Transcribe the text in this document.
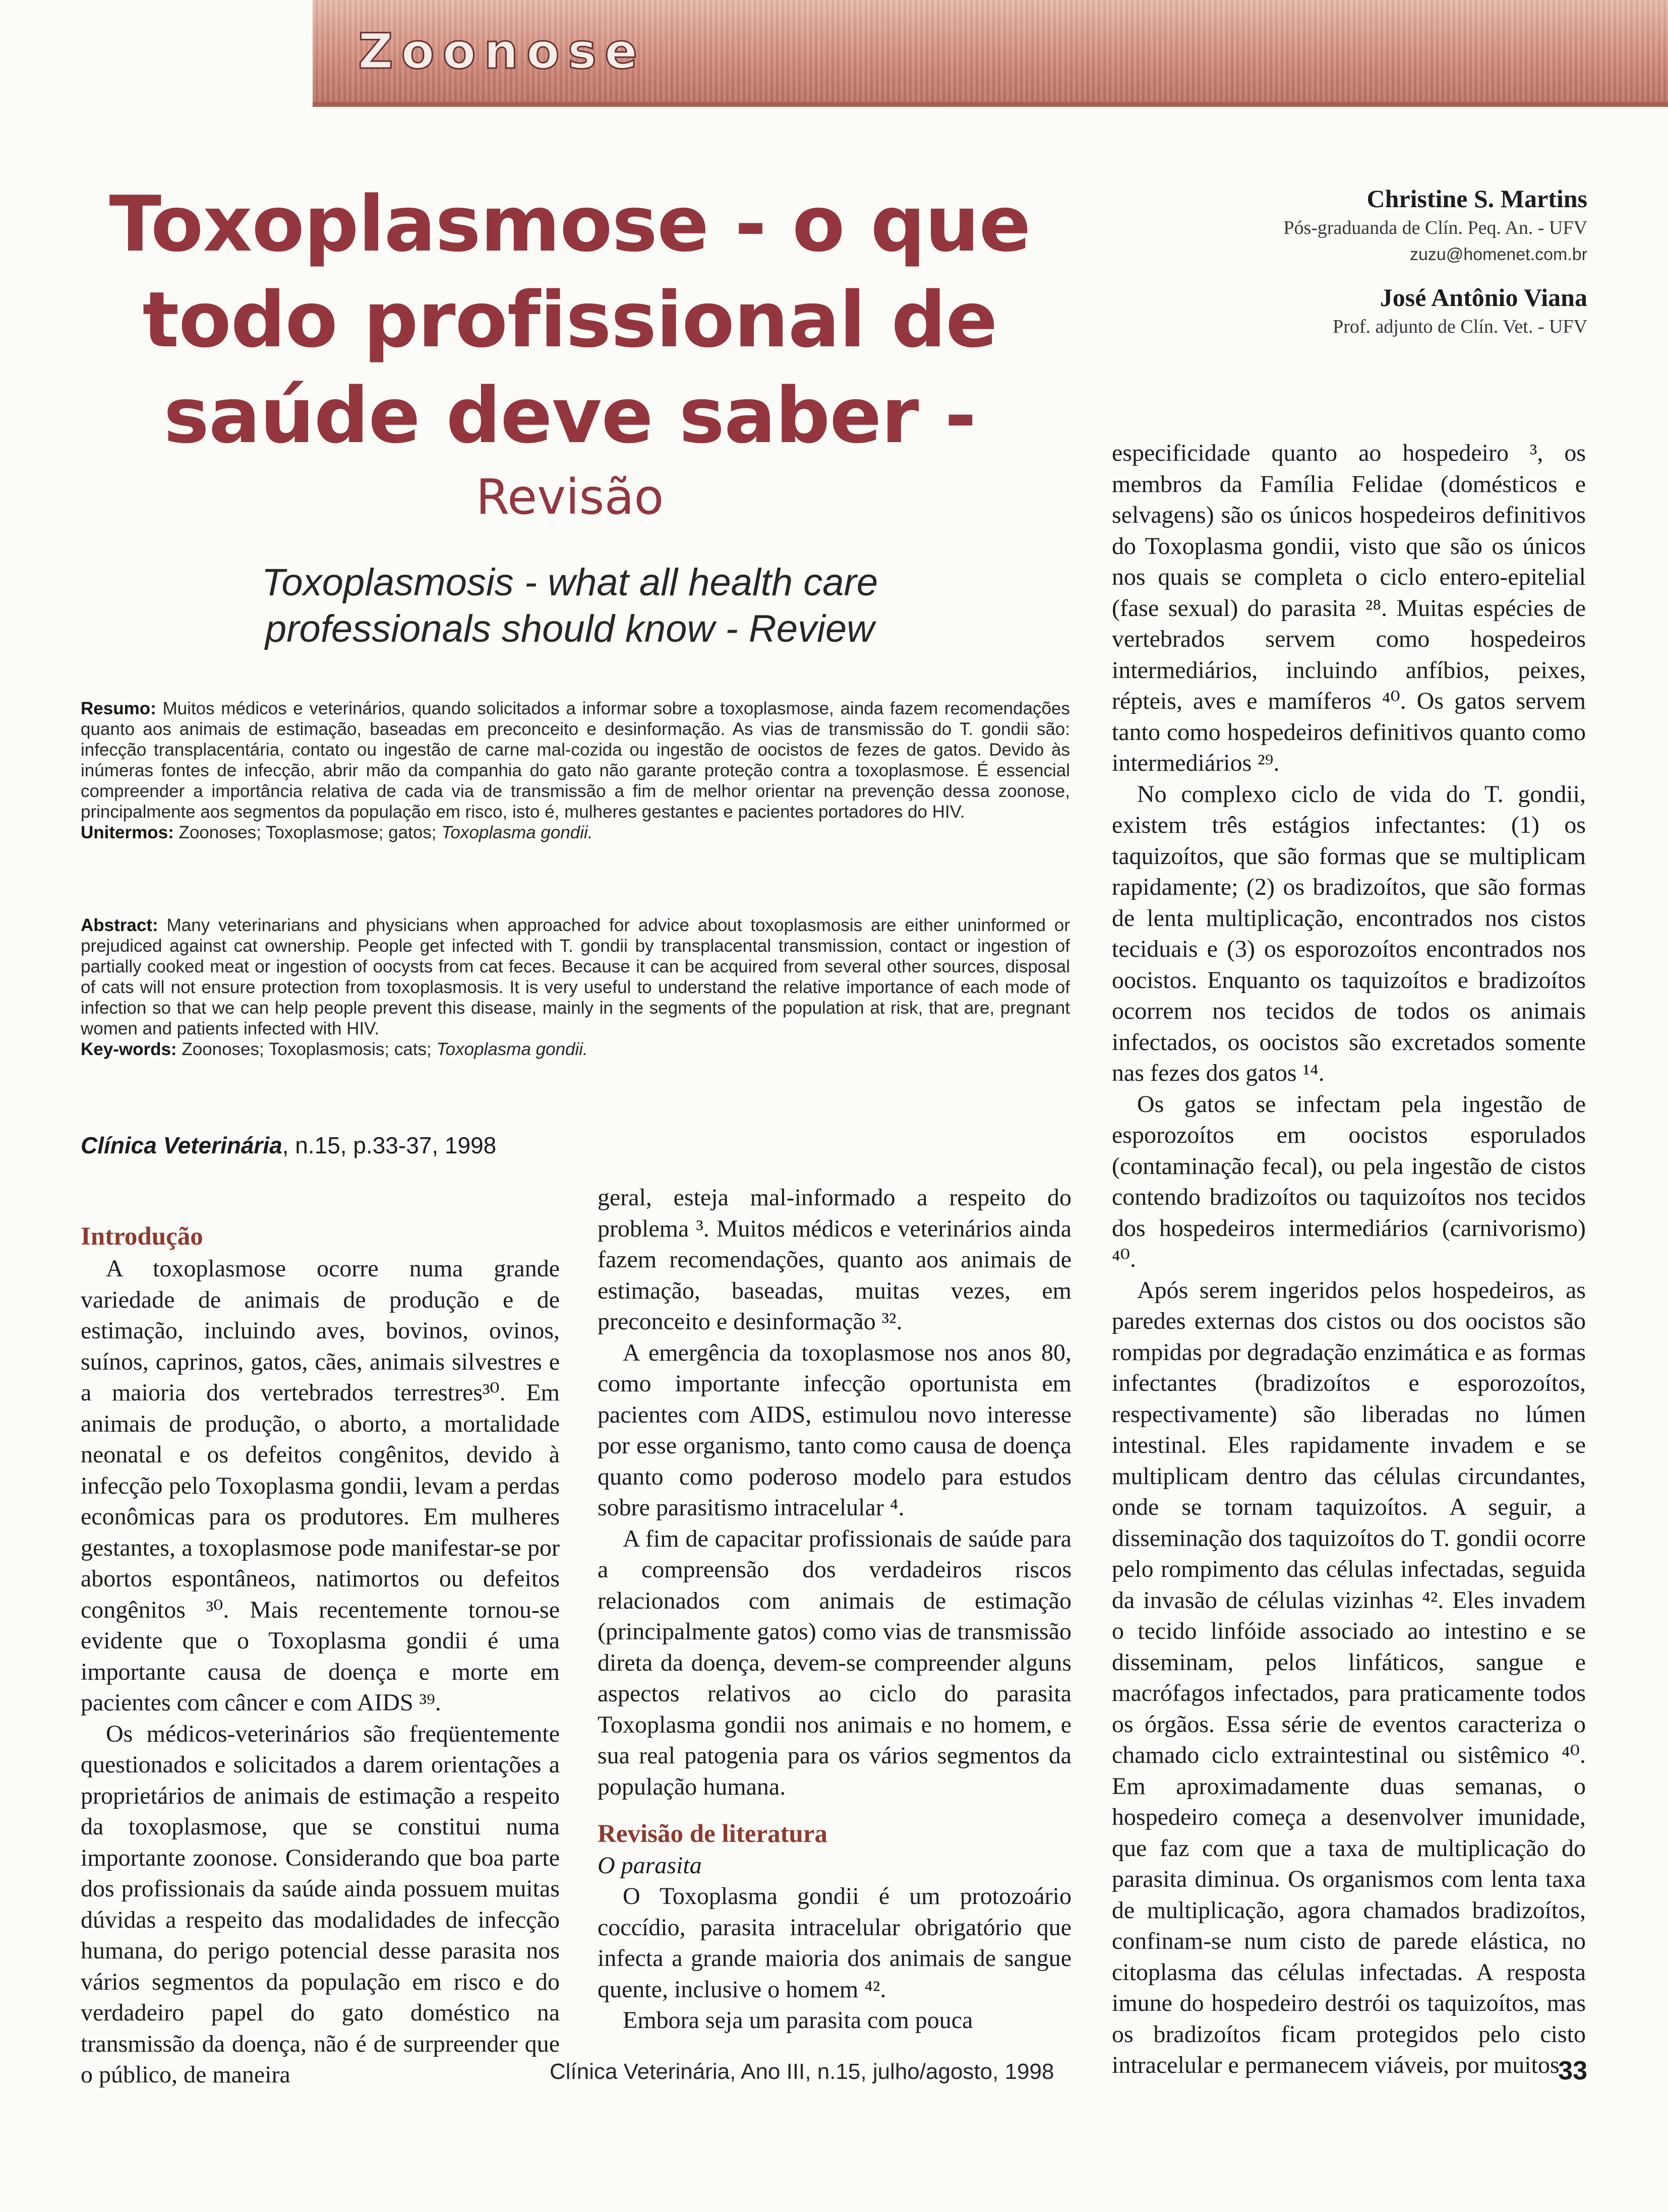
Zoonose
Toxoplasmose - o que
todo profissional de
saúde deve saber -
Revisão
Toxoplasmosis - what all health care
professionals should know - Review
Christine S. Martins
Pós-graduanda de Clín. Peq. An. - UFV
zuzu@homenet.com.br
José Antônio Viana
Prof. adjunto de Clín. Vet. - UFV
Resumo: Muitos médicos e veterinários, quando solicitados a informar sobre a toxoplasmose, ainda fazem recomendações quanto aos animais de estimação, baseadas em preconceito e desinformação. As vias de transmissão do T. gondii são: infecção transplacentária, contato ou ingestão de carne mal-cozida ou ingestão de oocistos de fezes de gatos. Devido às inúmeras fontes de infecção, abrir mão da companhia do gato não garante proteção contra a toxoplasmose. É essencial compreender a importância relativa de cada via de transmissão a fim de melhor orientar na prevenção dessa zoonose, principalmente aos segmentos da população em risco, isto é, mulheres gestantes e pacientes portadores do HIV.
Unitermos: Zoonoses; Toxoplasmose; gatos; Toxoplasma gondii.
Abstract: Many veterinarians and physicians when approached for advice about toxoplasmosis are either uninformed or prejudiced against cat ownership. People get infected with T. gondii by transplacental transmission, contact or ingestion of partially cooked meat or ingestion of oocysts from cat feces. Because it can be acquired from several other sources, disposal of cats will not ensure protection from toxoplasmosis. It is very useful to understand the relative importance of each mode of infection so that we can help people prevent this disease, mainly in the segments of the population at risk, that are, pregnant women and patients infected with HIV.
Key-words: Zoonoses; Toxoplasmosis; cats; Toxoplasma gondii.
Clínica Veterinária, n.15, p.33-37, 1998
Introdução

A toxoplasmose ocorre numa grande variedade de animais de produção e de estimação, incluindo aves, bovinos, ovinos, suínos, caprinos, gatos, cães, animais silvestres e a maioria dos vertebrados terrestres³⁰. Em animais de produção, o aborto, a mortalidade neonatal e os defeitos congênitos, devido à infecção pelo Toxoplasma gondii, levam a perdas econômicas para os produtores. Em mulheres gestantes, a toxoplasmose pode manifestar-se por abortos espontâneos, natimortos ou defeitos congênitos ³⁰. Mais recentemente tornou-se evidente que o Toxoplasma gondii é uma importante causa de doença e morte em pacientes com câncer e com AIDS ³⁹.

Os médicos-veterinários são freqüentemente questionados e solicitados a darem orientações a proprietários de animais de estimação a respeito da toxoplasmose, que se constitui numa importante zoonose. Considerando que boa parte dos profissionais da saúde ainda possuem muitas dúvidas a respeito das modalidades de infecção humana, do perigo potencial desse parasita nos vários segmentos da população em risco e do verdadeiro papel do gato doméstico na transmissão da doença, não é de surpreender que o público, de maneira

geral, esteja mal-informado a respeito do problema ³. Muitos médicos e veterinários ainda fazem recomendações, quanto aos animais de estimação, baseadas, muitas vezes, em preconceito e desinformação ³².

A emergência da toxoplasmose nos anos 80, como importante infecção oportunista em pacientes com AIDS, estimulou novo interesse por esse organismo, tanto como causa de doença quanto como poderoso modelo para estudos sobre parasitismo intracelular ⁴.

A fim de capacitar profissionais de saúde para a compreensão dos verdadeiros riscos relacionados com animais de estimação (principalmente gatos) como vias de transmissão direta da doença, devem-se compreender alguns aspectos relativos ao ciclo do parasita Toxoplasma gondii nos animais e no homem, e sua real patogenia para os vários segmentos da população humana.

Revisão de literatura
O parasita

O Toxoplasma gondii é um protozoário coccídio, parasita intracelular obrigatório que infecta a grande maioria dos animais de sangue quente, inclusive o homem ⁴².

Embora seja um parasita com pouca

especificidade quanto ao hospedeiro ³, os membros da Família Felidae (domésticos e selvagens) são os únicos hospedeiros definitivos do Toxoplasma gondii, visto que são os únicos nos quais se completa o ciclo entero-epitelial (fase sexual) do parasita ²⁸. Muitas espécies de vertebrados servem como hospedeiros intermediários, incluindo anfíbios, peixes, répteis, aves e mamíferos ⁴⁰. Os gatos servem tanto como hospedeiros definitivos quanto como intermediários ²⁹.

No complexo ciclo de vida do T. gondii, existem três estágios infectantes: (1) os taquizoítos, que são formas que se multiplicam rapidamente; (2) os bradizoítos, que são formas de lenta multiplicação, encontrados nos cistos teciduais e (3) os esporozoítos encontrados nos oocistos. Enquanto os taquizoítos e bradizoítos ocorrem nos tecidos de todos os animais infectados, os oocistos são excretados somente nas fezes dos gatos ¹⁴.

Os gatos se infectam pela ingestão de esporozoítos em oocistos esporulados (contaminação fecal), ou pela ingestão de cistos contendo bradizoítos ou taquizoítos nos tecidos dos hospedeiros intermediários (carnivorismo) ⁴⁰.

Após serem ingeridos pelos hospedeiros, as paredes externas dos cistos ou dos oocistos são rompidas por degradação enzimática e as formas infectantes (bradizoítos e esporozoítos, respectivamente) são liberadas no lúmen intestinal. Eles rapidamente invadem e se multiplicam dentro das células circundantes, onde se tornam taquizoítos. A seguir, a disseminação dos taquizoítos do T. gondii ocorre pelo rompimento das células infectadas, seguida da invasão de células vizinhas ⁴². Eles invadem o tecido linfóide associado ao intestino e se disseminam, pelos linfáticos, sangue e macrófagos infectados, para praticamente todos os órgãos. Essa série de eventos caracteriza o chamado ciclo extraintestinal ou sistêmico ⁴⁰. Em aproximadamente duas semanas, o hospedeiro começa a desenvolver imunidade, que faz com que a taxa de multiplicação do parasita diminua. Os organismos com lenta taxa de multiplicação, agora chamados bradizoítos, confinam-se num cisto de parede elástica, no citoplasma das células infectadas. A resposta imune do hospedeiro destrói os taquizoítos, mas os bradizoítos ficam protegidos pelo cisto intracelular e permanecem viáveis, por muitos

Clínica Veterinária, Ano III, n.15, julho/agosto, 1998	33
